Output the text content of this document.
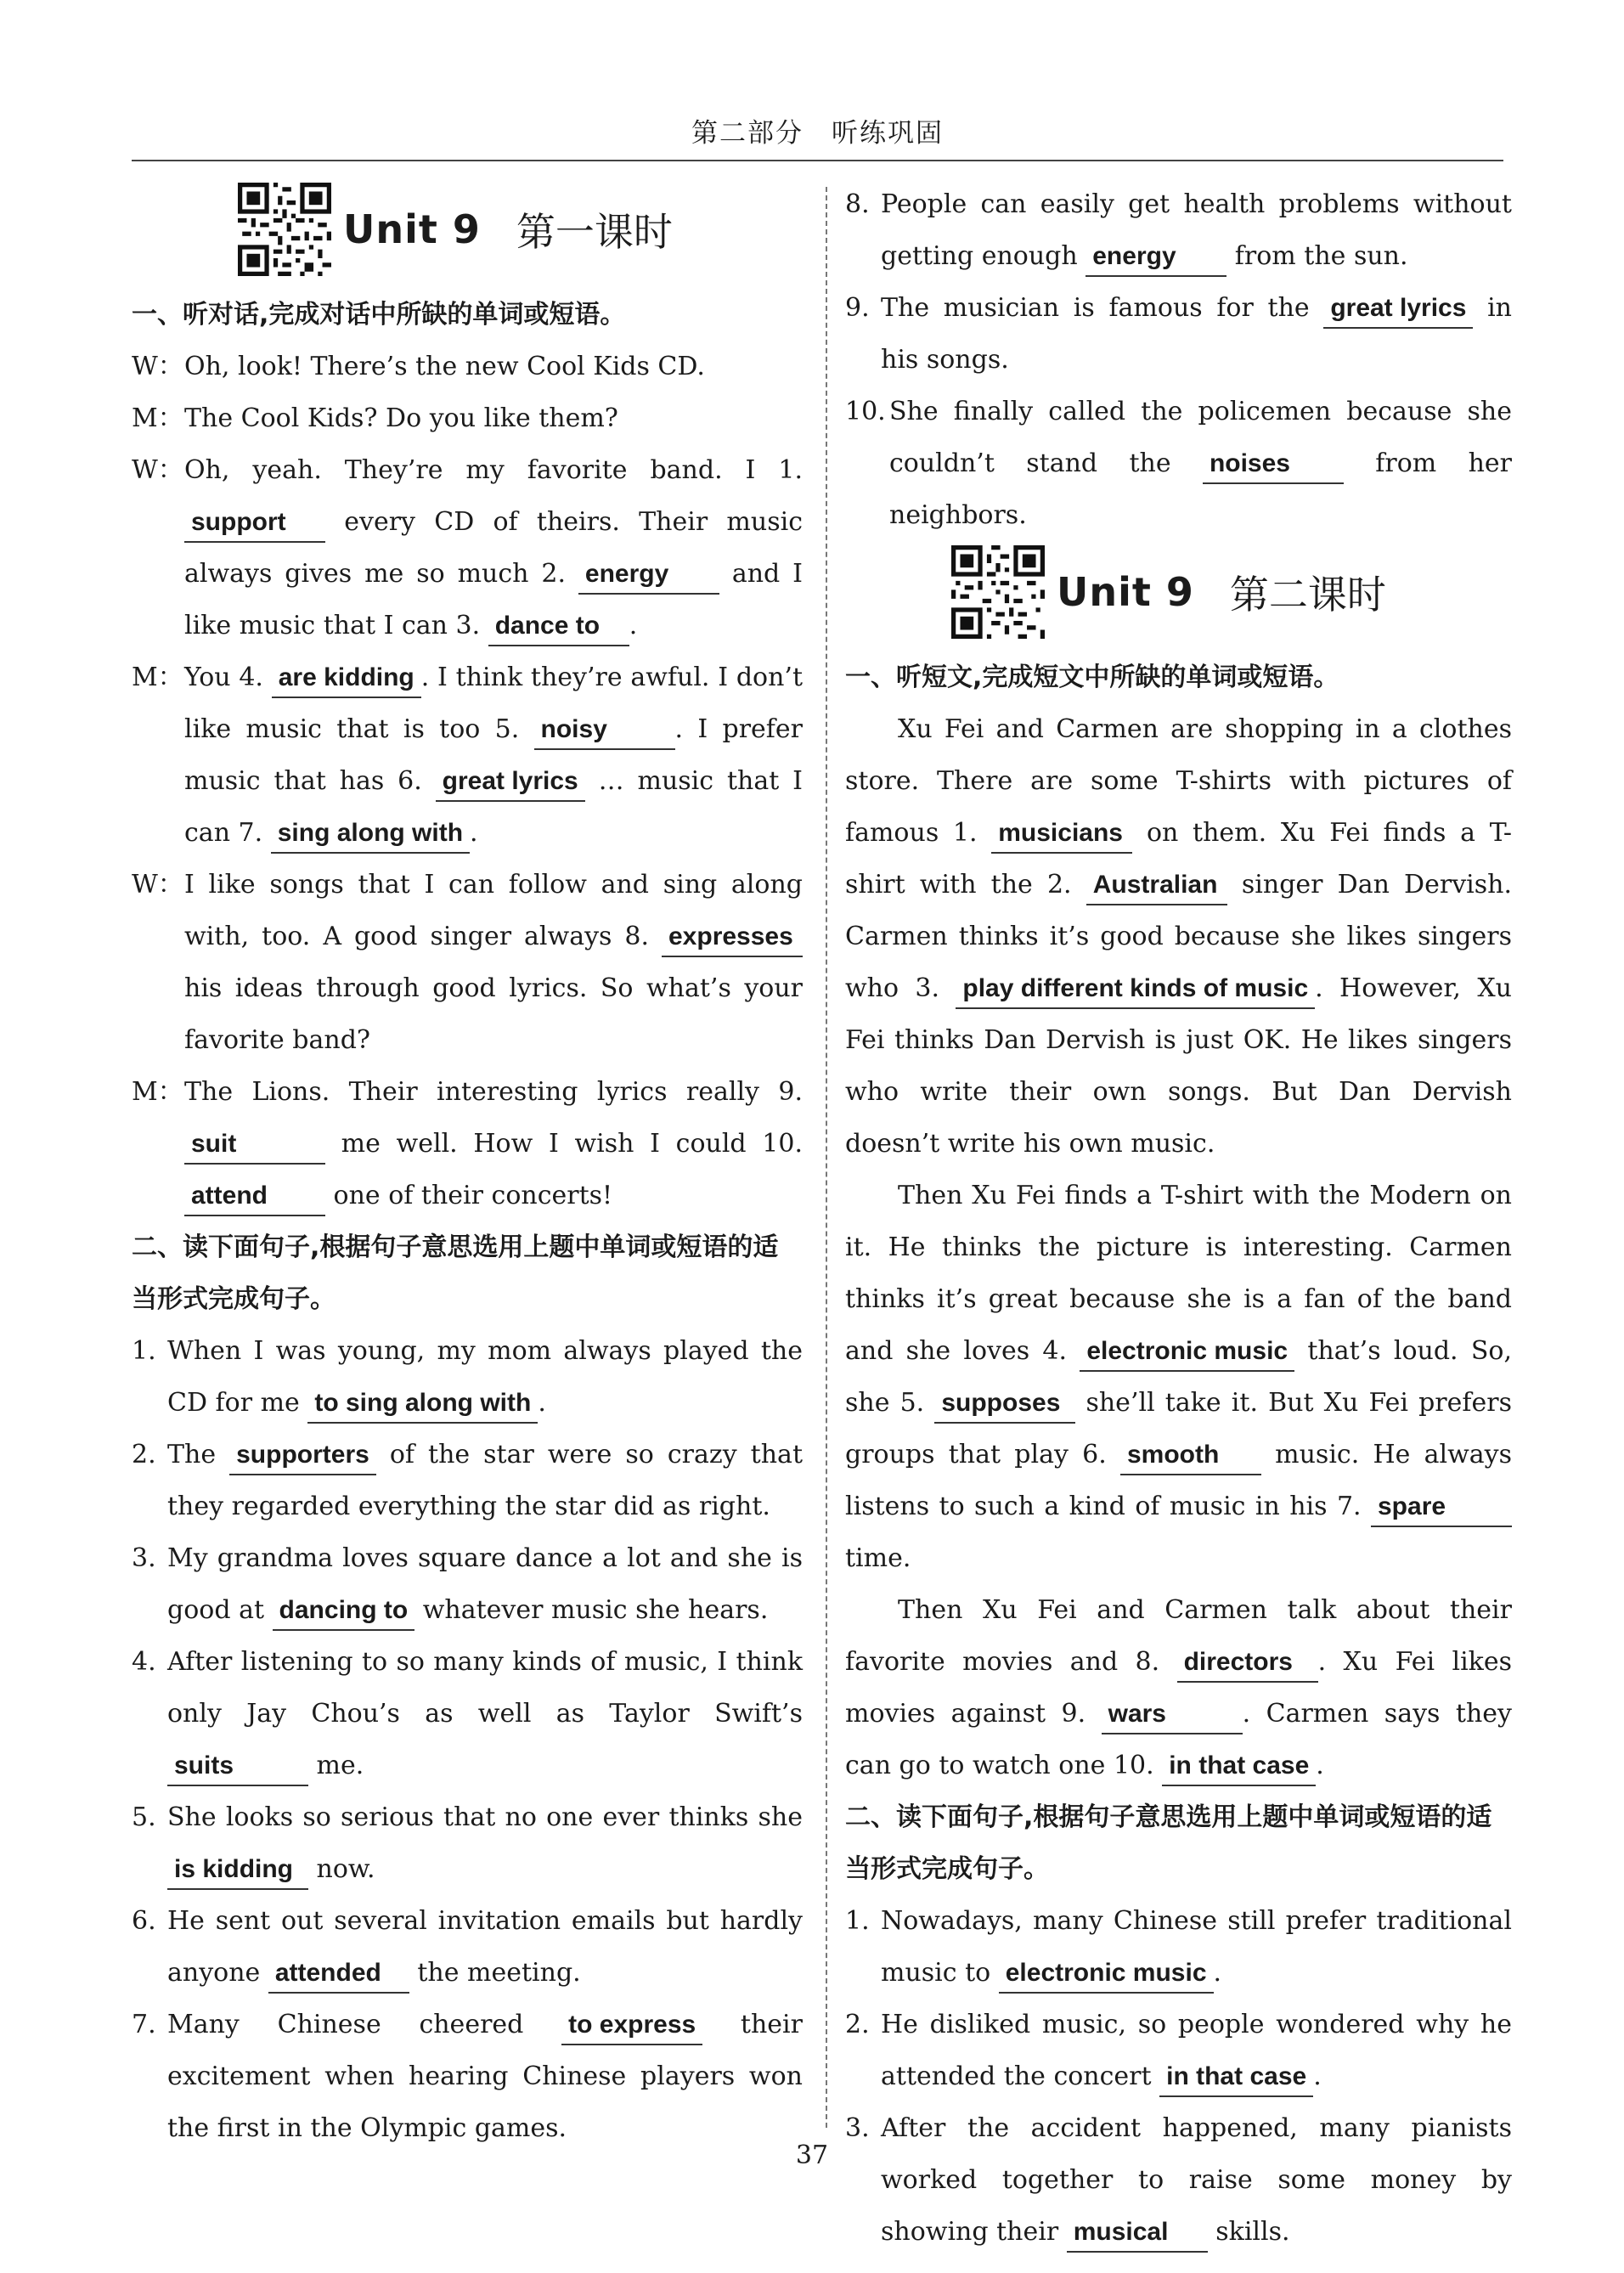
第二部分　听练巩固
Unit 9 第一课时
一、听对话,完成对话中所缺的单词或短语。
W： Oh, look! There’s the new Cool Kids CD.
M： The Cool Kids? Do you like them?
W： Oh, yeah. They’re my favorite band. I 1. support every CD of theirs. Their music always gives me so much 2. energy and I like music that I can 3. dance to .
M： You 4. are kidding . I think they’re awful. I don’t like music that is too 5. noisy	. I prefer music that has 6. great lyrics … music that I can 7. sing along with .
W： I like songs that I can follow and sing along with, too. A good singer always 8. expresses his ideas through good lyrics. So what’s your favorite band?
M： The Lions. Their interesting lyrics really 9. suit	me well. How I wish I could 10. attend one of their concerts!
二、读下面句子,根据句子意思选用上题中单词或短语的适当形式完成句子。
1. When I was young, my mom always played the CD for me to sing along with .
2. The supporters of the star were so crazy that they regarded everything the star did as right.
3. My grandma loves square dance a lot and she is good at dancing to whatever music she hears.
4. After listening to so many kinds of music, I think only Jay Chou’s as well as Taylor Swift’s suits	me.
5. She looks so serious that no one ever thinks she is kidding now.
6. He sent out several invitation emails but hardly anyone attended the meeting.
7. Many Chinese cheered to express their excitement when hearing Chinese players won the first in the Olympic games.
8. People can easily get health problems without getting enough energy from the sun.
9. The musician is famous for the great lyrics in his songs.
10. She finally called the policemen because she couldn’t stand the noises from her neighbors.
Unit 9 第二课时
一、听短文,完成短文中所缺的单词或短语。
Xu Fei and Carmen are shopping in a clothes store. There are some T-shirts with pictures of famous 1. musicians on them. Xu Fei finds a T-shirt with the 2. Australian singer Dan Dervish. Carmen thinks it’s good because she likes singers who 3. play different kinds of music . However, Xu Fei thinks Dan Dervish is just OK. He likes singers who write their own songs. But Dan Dervish doesn’t write his own music.
Then Xu Fei finds a T-shirt with the Modern on it. He thinks the picture is interesting. Carmen thinks it’s great because she is a fan of the band and she loves 4. electronic music that’s loud. So, she 5. supposes she’ll take it. But Xu Fei prefers groups that play 6. smooth music. He always listens to such a kind of music in his 7. spare time.
Then Xu Fei and Carmen talk about their favorite movies and 8. directors . Xu Fei likes movies against 9. wars	. Carmen says they can go to watch one 10. in that case .
二、读下面句子,根据句子意思选用上题中单词或短语的适当形式完成句子。
1. Nowadays, many Chinese still prefer traditional music to electronic music .
2. He disliked music, so people wondered why he attended the concert in that case .
3. After the accident happened, many pianists worked together to raise some money by showing their musical skills.
37
